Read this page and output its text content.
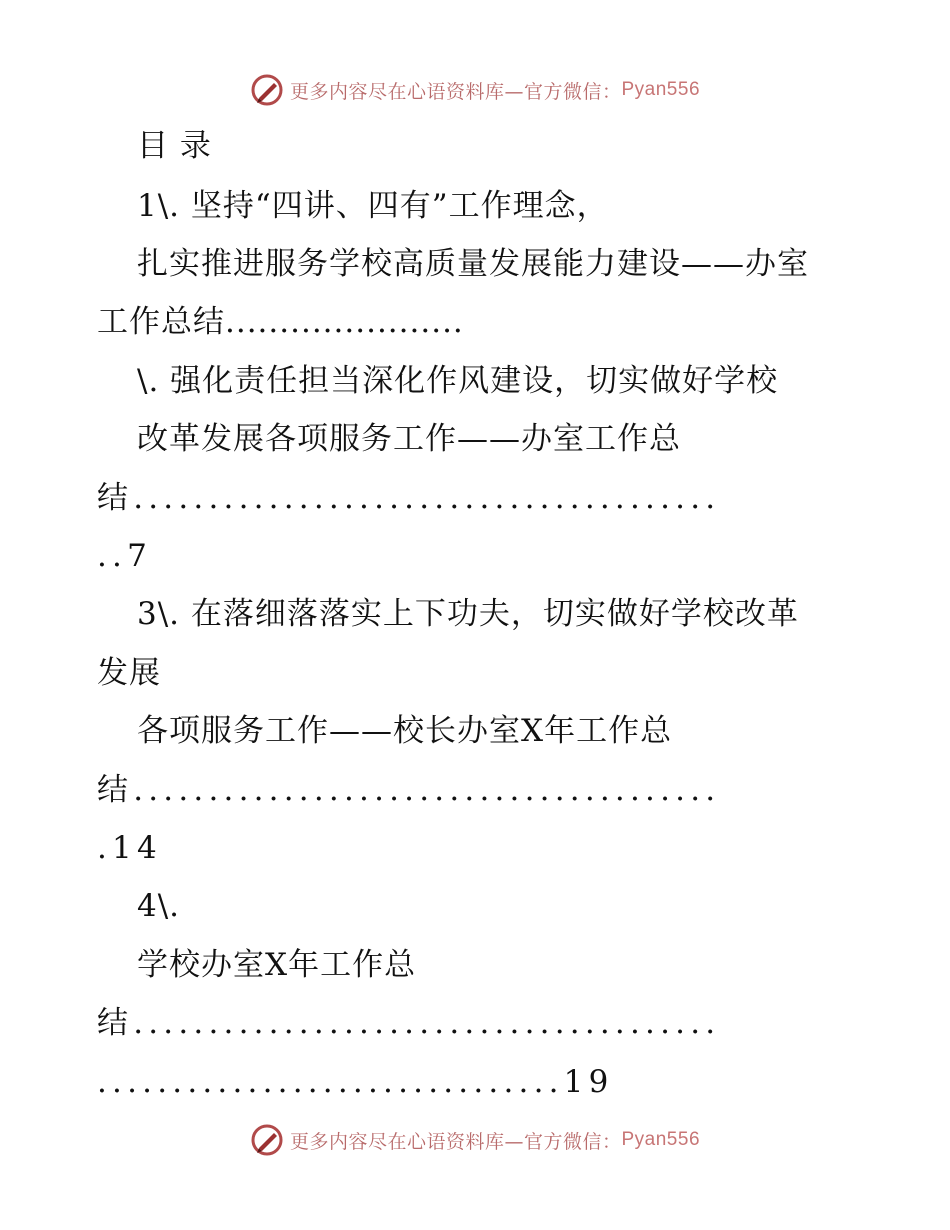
更多内容尽在心语资料库—官方微信： Pyan556
目 录
1\. 坚持“四讲、四有”工作理念，
扎实推进服务学校高质量发展能力建设——办室
工作总结......................
\. 强化责任担当深化作风建设，切实做好学校
改革发展各项服务工作——办室工作总
结.......................................
..7
3\. 在落细落落实上下功夫，切实做好学校改革
发展
各项服务工作——校长办室X年工作总
结.......................................
.14
4\.
学校办室X年工作总
结.......................................
...............................19
更多内容尽在心语资料库—官方微信： Pyan556
